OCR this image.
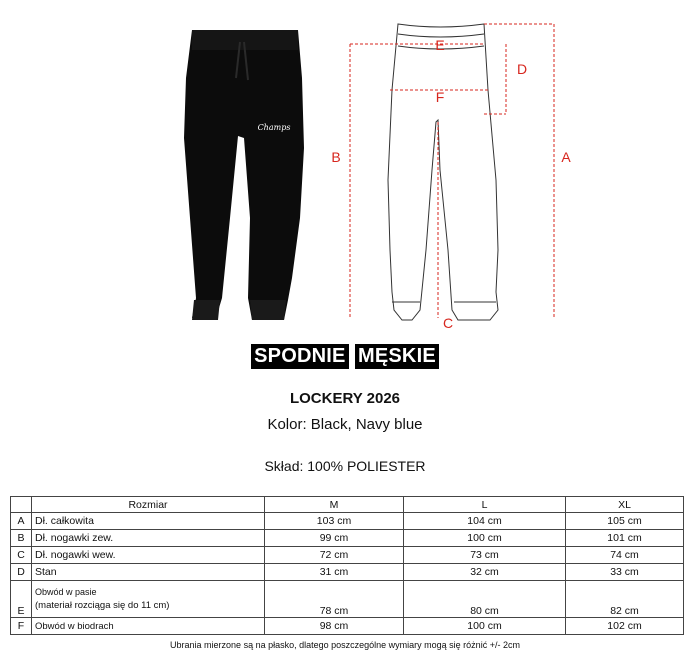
Champs
A
B
C
D
E
F
SPODNIE MĘSKIE
LOCKERY 2026
Kolor: Black, Navy blue
Skład: 100% POLIESTER
	Rozmiar	M	L	XL
A	Dł. całkowita	103 cm	104 cm	105 cm
B	Dł. nogawki zew.	99 cm	100 cm	101 cm
C	Dł. nogawki wew.	72 cm	73 cm	74 cm
D	Stan	31 cm	32 cm	33 cm
E	Obwód w pasie
(materiał rozciąga się do 11 cm)	78 cm	80 cm	82 cm
F	Obwód w biodrach	98 cm	100 cm	102 cm
Ubrania mierzone są na płasko, dlatego poszczególne wymiary mogą się różnić +/- 2cm
